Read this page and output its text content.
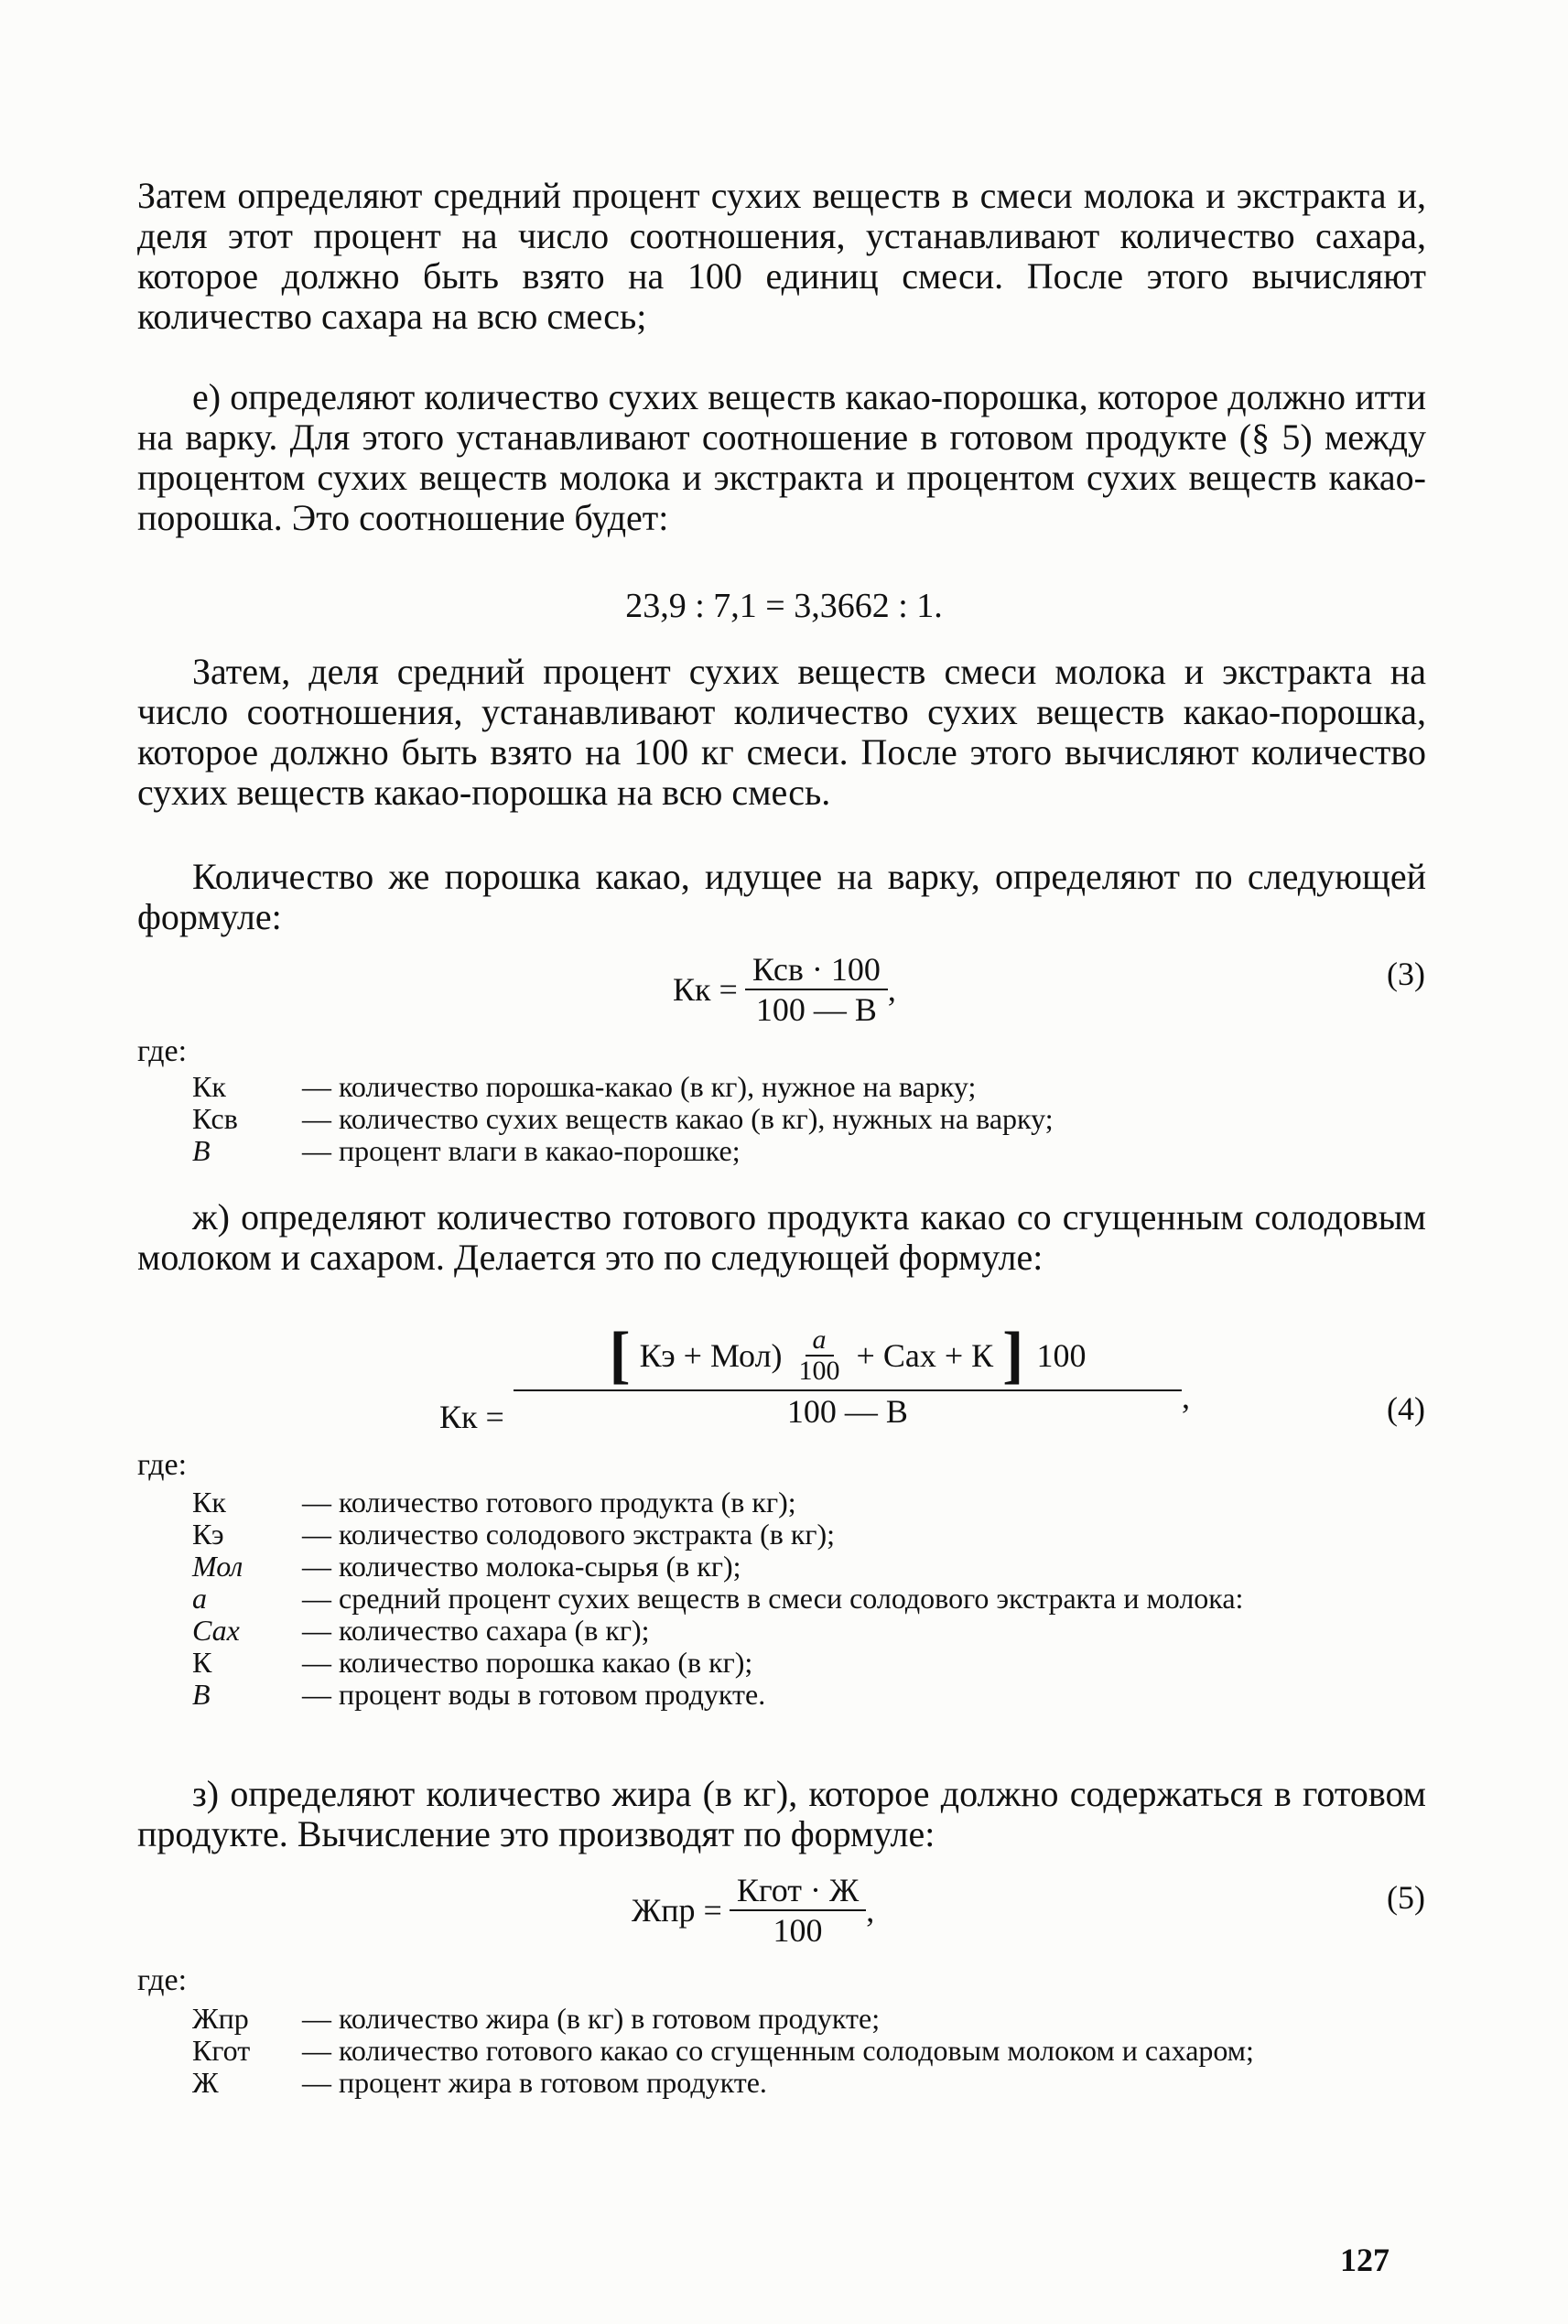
Затем определяют средний процент сухих веществ в смеси молока и экстракта и, деля этот процент на число соотношения, устанавливают количество сахара, которое должно быть взято на 100 единиц смеси. После этого вычисляют количество сахара на всю смесь;

е) определяют количество сухих веществ какао-порошка, которое должно итти на варку. Для этого устанавливают соотношение в готовом продукте (§ 5) между процентом сухих веществ молока и экстракта и процентом сухих веществ какао-порошка. Это соотношение будет:

23,9 : 7,1 = 3,3662 : 1.

Затем, деля средний процент сухих веществ смеси молока и экстракта на число соотношения, устанавливают количество сухих веществ какао-порошка, которое должно быть взято на 100 кг смеси. После этого вычисляют количество сухих веществ какао-порошка на всю смесь.

Количество же порошка какао, идущее на варку, определяют по следующей формуле:

Кк = $\frac{\text{Ксв · 100}}{100 — В}$ ,	(3)
где:
Кк	— количество порошка-какао (в кг), нужное на варку;
Ксв	— количество сухих веществ какао (в кг), нужных на варку;
В	— процент влаги в какао-порошке;

ж) определяют количество готового продукта какао со сгущенным солодовым молоком и сахаром. Делается это по следующей формуле:

Кк =
[ Кэ + $Мол) \frac{a}{100}$ + Сах + К ] 100
100 — В	,	(4)
где:
Кк	— количество готового продукта (в кг);
Кэ	— количество солодового экстракта (в кг);
Мол	— количество молока-сырья (в кг);
a	— средний процент сухих веществ в смеси солодового экстракта и молока:
Сах	— количество сахара (в кг);
К	— количество порошка какао (в кг);
В	— процент воды в готовом продукте.

з) определяют количество жира (в кг), которое должно содержаться в готовом продукте. Вычисление это производят по формуле:

Жпр = $\frac{\text{Кгот · Ж}}{100}$ ,	(5)
где:
Жпр	— количество жира (в кг) в готовом продукте;
Кгот	— количество готового какао со сгущенным солодовым молоком и сахаром;
Ж	— процент жира в готовом продукте.
127
